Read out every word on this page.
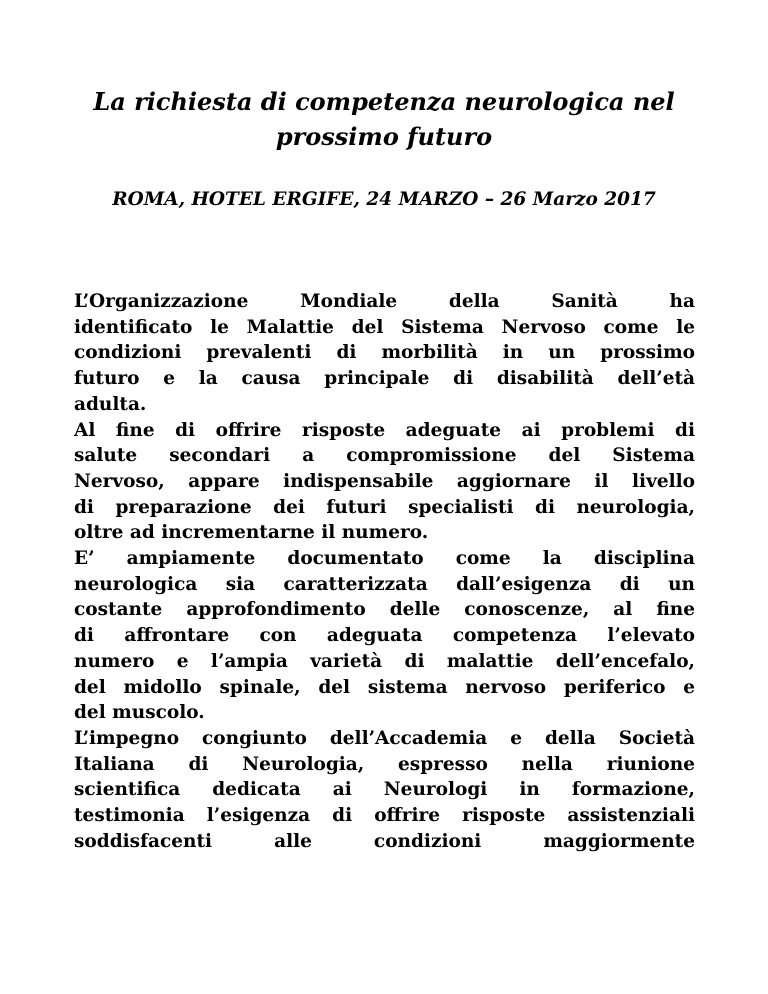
La richiesta di competenza neurologica nel
prossimo futuro

ROMA, HOTEL ERGIFE, 24 MARZO – 26 Marzo 2017

L’Organizzazione Mondiale della Sanità ha
identificato le Malattie del Sistema Nervoso come le
condizioni prevalenti di morbilità in un prossimo
futuro e la causa principale di disabilità dell’età
adulta.
Al fine di offrire risposte adeguate ai problemi di
salute secondari a compromissione del Sistema
Nervoso, appare indispensabile aggiornare il livello
di preparazione dei futuri specialisti di neurologia,
oltre ad incrementarne il numero.
E’ ampiamente documentato come la disciplina
neurologica sia caratterizzata dall’esigenza di un
costante approfondimento delle conoscenze, al fine
di affrontare con adeguata competenza l’elevato
numero e l’ampia varietà di malattie dell’encefalo,
del midollo spinale, del sistema nervoso periferico e
del muscolo.
L’impegno congiunto dell’Accademia e della Società
Italiana di Neurologia, espresso nella riunione
scientifica dedicata ai Neurologi in formazione,
testimonia l’esigenza di offrire risposte assistenziali
soddisfacenti alle condizioni maggiormente
